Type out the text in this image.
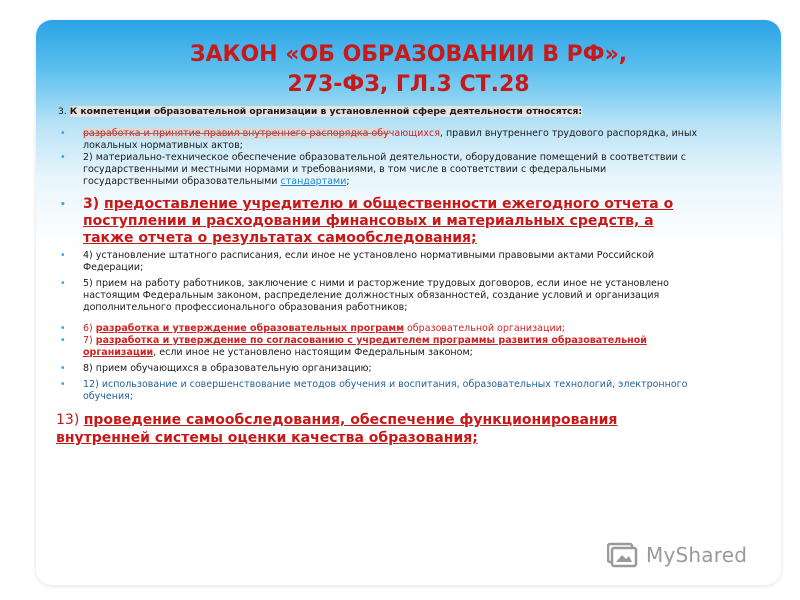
ЗАКОН «ОБ ОБРАЗОВАНИИ В РФ»,
273-ФЗ, ГЛ.3 СТ.28
3. К компетенции образовательной организации в установленной сфере деятельности относятся:
• разработка и принятие правил внутреннего распорядка обучающихся, правил внутреннего трудового распорядка, иных локальных нормативных актов;
• 2) материально-техническое обеспечение образовательной деятельности, оборудование помещений в соответствии с государственными и местными нормами и требованиями, в том числе в соответствии с федеральными государственными образовательными стандартами;
• 3) предоставление учредителю и общественности ежегодного отчета о поступлении и расходовании финансовых и материальных средств, а также отчета о результатах самообследования;
• 4) установление штатного расписания, если иное не установлено нормативными правовыми актами Российской Федерации;
• 5) прием на работу работников, заключение с ними и расторжение трудовых договоров, если иное не установлено настоящим Федеральным законом, распределение должностных обязанностей, создание условий и организация дополнительного профессионального образования работников;
• 6) разработка и утверждение образовательных программ образовательной организации;
• 7) разработка и утверждение по согласованию с учредителем программы развития образовательной организации, если иное не установлено настоящим Федеральным законом;
• 8) прием обучающихся в образовательную организацию;
• 12) использование и совершенствование методов обучения и воспитания, образовательных технологий, электронного обучения;
13) проведение самообследования, обеспечение функционирования внутренней системы оценки качества образования;
MyShared
